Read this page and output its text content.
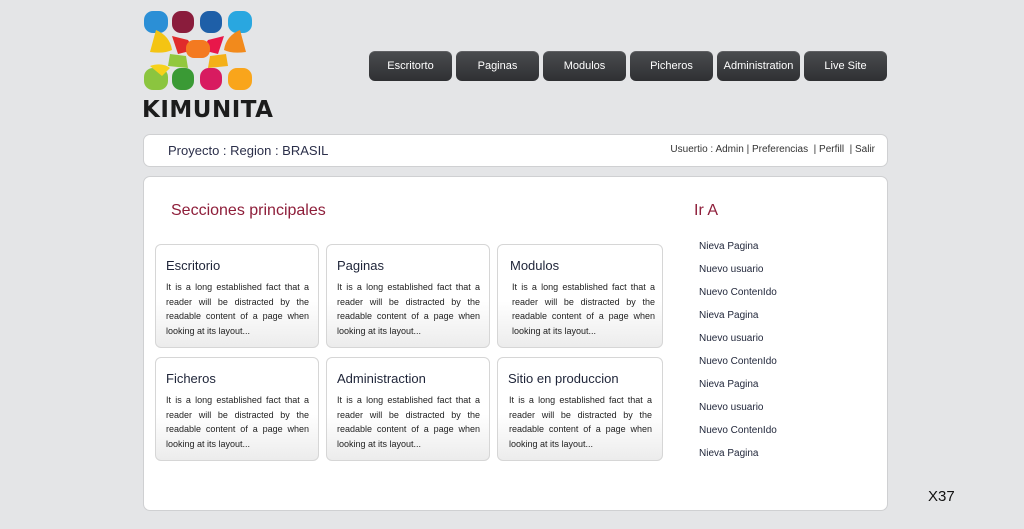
KIMUNITA
Escritorto	Paginas	Modulos	Picheros	Administration	Live Site
Proyecto : Region : BRASIL	Usuertio : Admin | Preferencias | Perfill | Salir
Secciones principales	Ir A
Escritorio
It is a long established fact that a reader will be distracted by the readable content of a page when looking at its layout...
Paginas
It is a long established fact that a reader will be distracted by the readable content of a page when looking at its layout...
Modulos
It is a long established fact that a reader will be distracted by the readable content of a page when looking at its layout...
Ficheros
It is a long established fact that a reader will be distracted by the readable content of a page when looking at its layout...
Administraction
It is a long established fact that a reader will be distracted by the readable content of a page when looking at its layout...
Sitio en produccion
It is a long established fact that a reader will be distracted by the readable content of a page when looking at its layout...
Nieva Pagina
Nuevo usuario
Nuevo ContenIdo
Nieva Pagina
Nuevo usuario
Nuevo ContenIdo
Nieva Pagina
Nuevo usuario
Nuevo ContenIdo
Nieva Pagina
X37
